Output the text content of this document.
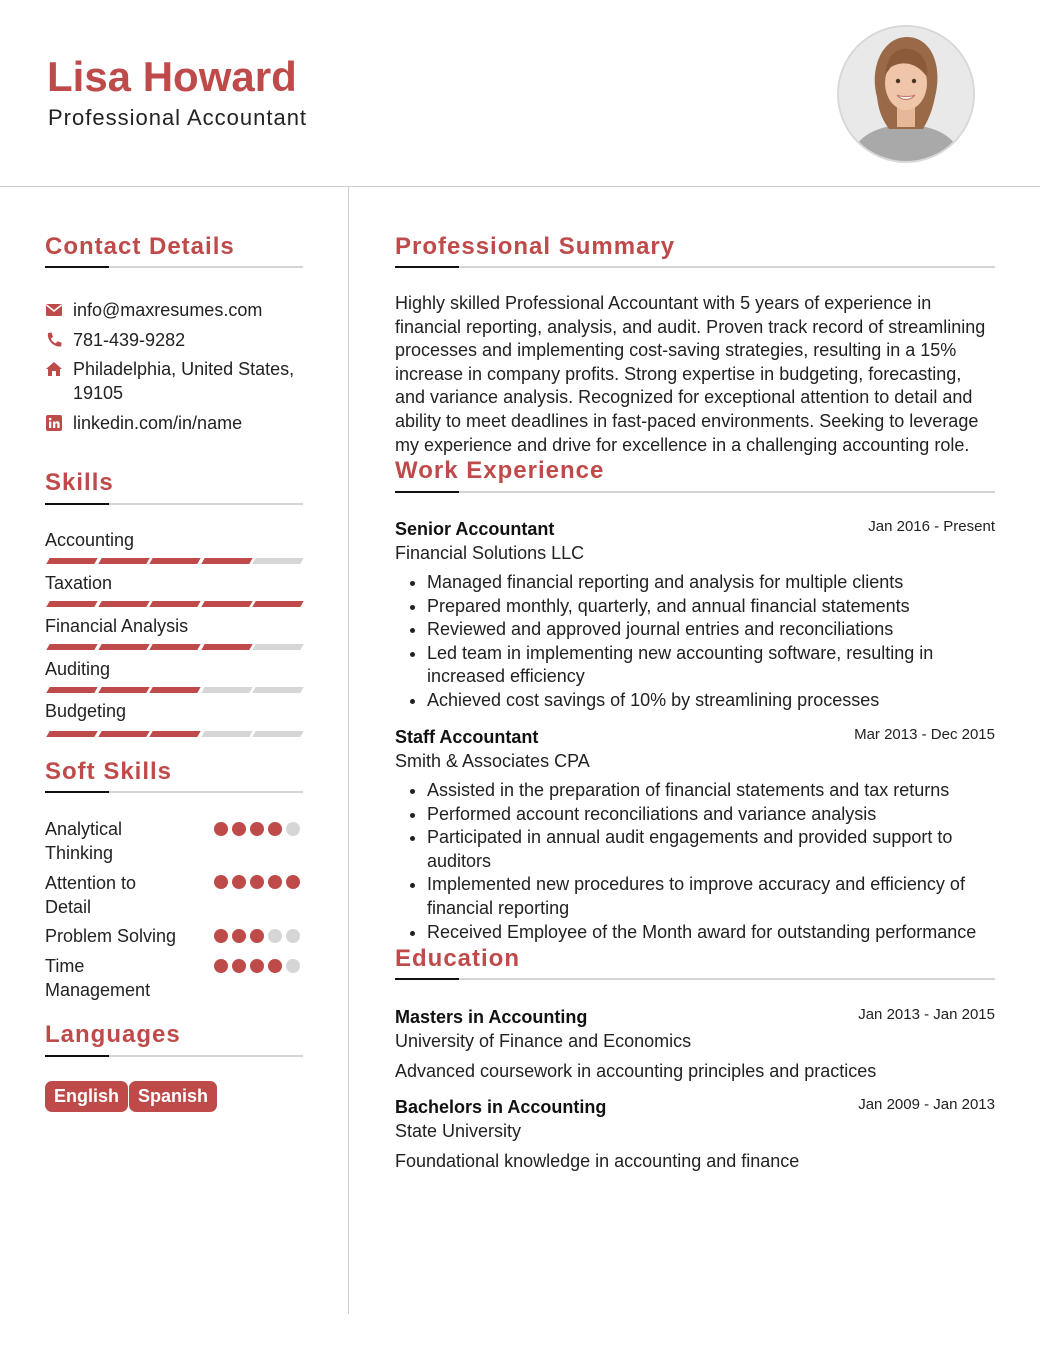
Lisa Howard
Professional Accountant
Contact Details
info@maxresumes.com
781-439-9282
Philadelphia, United States, 19105
linkedin.com/in/name
Skills
Accounting
Taxation
Financial Analysis
Auditing
Budgeting
Soft Skills
Analytical Thinking
Attention to Detail
Problem Solving
Time Management
Languages
English	Spanish
Professional Summary

Highly skilled Professional Accountant with 5 years of experience in financial reporting, analysis, and audit. Proven track record of streamlining processes and implementing cost-saving strategies, resulting in a 15% increase in company profits. Strong expertise in budgeting, forecasting, and variance analysis. Recognized for exceptional attention to detail and ability to meet deadlines in fast-paced environments. Seeking to leverage my experience and drive for excellence in a challenging accounting role.

Work Experience
Senior Accountant	Jan 2016 - Present
Financial Solutions LLC
• Managed financial reporting and analysis for multiple clients
• Prepared monthly, quarterly, and annual financial statements
• Reviewed and approved journal entries and reconciliations
• Led team in implementing new accounting software, resulting in increased efficiency
• Achieved cost savings of 10% by streamlining processes
Staff Accountant	Mar 2013 - Dec 2015
Smith & Associates CPA
• Assisted in the preparation of financial statements and tax returns
• Performed account reconciliations and variance analysis
• Participated in annual audit engagements and provided support to auditors
• Implemented new procedures to improve accuracy and efficiency of financial reporting
• Received Employee of the Month award for outstanding performance
Education
Masters in Accounting	Jan 2013 - Jan 2015
University of Finance and Economics
Advanced coursework in accounting principles and practices
Bachelors in Accounting	Jan 2009 - Jan 2013
State University
Foundational knowledge in accounting and finance
